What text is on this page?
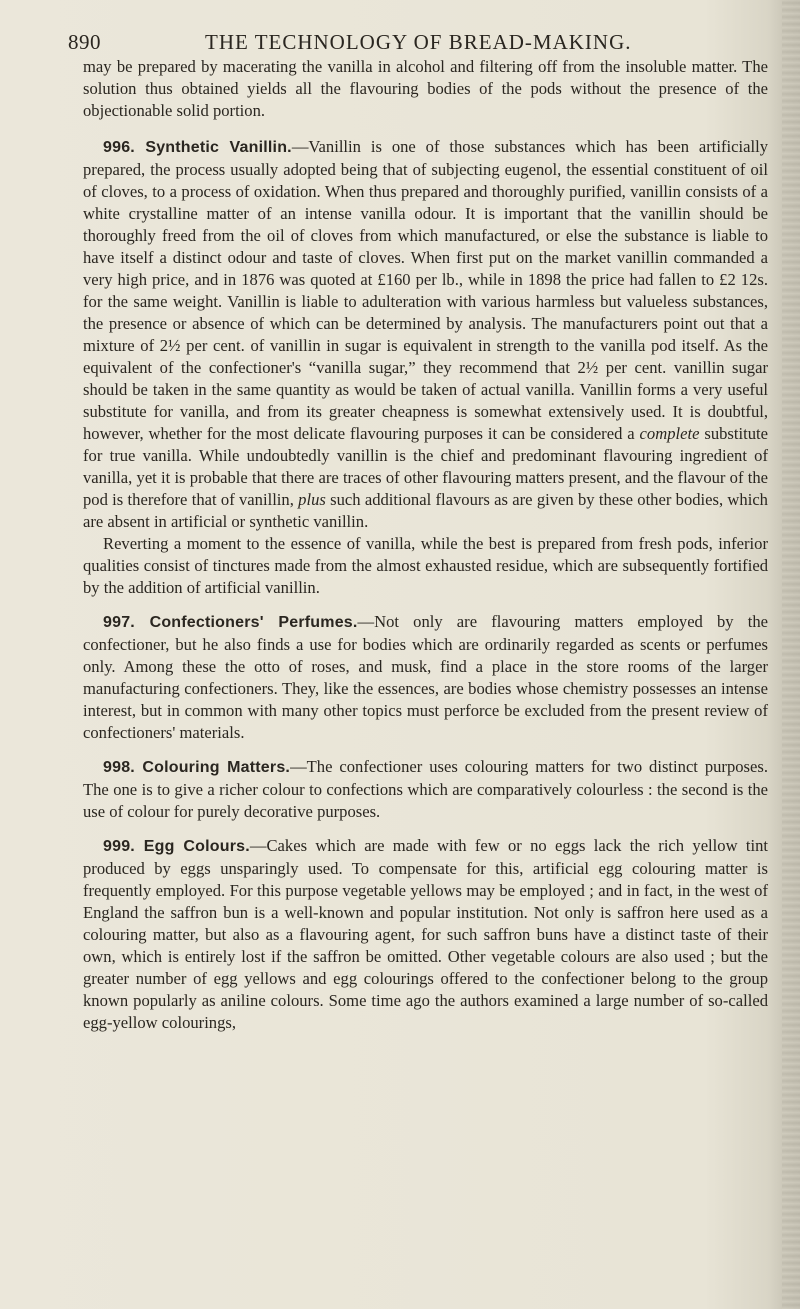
890	THE TECHNOLOGY OF BREAD-MAKING.

may be prepared by macerating the vanilla in alcohol and filtering off from the insoluble matter. The solution thus obtained yields all the flavouring bodies of the pods without the presence of the objectionable solid portion.

996. Synthetic Vanillin.—Vanillin is one of those substances which has been artificially prepared, the process usually adopted being that of subjecting eugenol, the essential constituent of oil of cloves, to a process of oxidation. When thus prepared and thoroughly purified, vanillin consists of a white crystalline matter of an intense vanilla odour. It is important that the vanillin should be thoroughly freed from the oil of cloves from which manufactured, or else the substance is liable to have itself a distinct odour and taste of cloves. When first put on the market vanillin commanded a very high price, and in 1876 was quoted at £160 per lb., while in 1898 the price had fallen to £2 12s. for the same weight. Vanillin is liable to adulteration with various harmless but valueless substances, the presence or absence of which can be determined by analysis. The manufacturers point out that a mixture of 2½ per cent. of vanillin in sugar is equivalent in strength to the vanilla pod itself. As the equivalent of the confectioner's “vanilla sugar,” they recommend that 2½ per cent. vanillin sugar should be taken in the same quantity as would be taken of actual vanilla. Vanillin forms a very useful substitute for vanilla, and from its greater cheapness is somewhat extensively used. It is doubtful, however, whether for the most delicate flavouring purposes it can be considered a complete substitute for true vanilla. While undoubtedly vanillin is the chief and predominant flavouring ingredient of vanilla, yet it is probable that there are traces of other flavouring matters present, and the flavour of the pod is therefore that of vanillin, plus such additional flavours as are given by these other bodies, which are absent in artificial or synthetic vanillin.

Reverting a moment to the essence of vanilla, while the best is prepared from fresh pods, inferior qualities consist of tinctures made from the almost exhausted residue, which are subsequently fortified by the addition of artificial vanillin.

997. Confectioners' Perfumes.—Not only are flavouring matters employed by the confectioner, but he also finds a use for bodies which are ordinarily regarded as scents or perfumes only. Among these the otto of roses, and musk, find a place in the store rooms of the larger manufacturing confectioners. They, like the essences, are bodies whose chemistry possesses an intense interest, but in common with many other topics must perforce be excluded from the present review of confectioners' materials.

998. Colouring Matters.—The confectioner uses colouring matters for two distinct purposes. The one is to give a richer colour to confections which are comparatively colourless : the second is the use of colour for purely decorative purposes.

999. Egg Colours.—Cakes which are made with few or no eggs lack the rich yellow tint produced by eggs unsparingly used. To compensate for this, artificial egg colouring matter is frequently employed. For this purpose vegetable yellows may be employed ; and in fact, in the west of England the saffron bun is a well-known and popular institution. Not only is saffron here used as a colouring matter, but also as a flavouring agent, for such saffron buns have a distinct taste of their own, which is entirely lost if the saffron be omitted. Other vegetable colours are also used ; but the greater number of egg yellows and egg colourings offered to the confectioner belong to the group known popularly as aniline colours. Some time ago the authors examined a large number of so-called egg-yellow colourings,
